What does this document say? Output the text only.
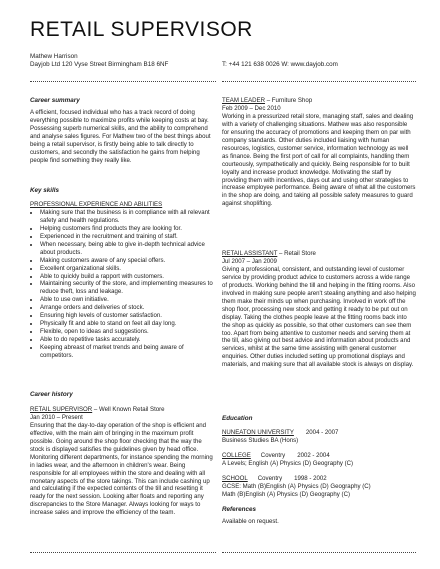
RETAIL SUPERVISOR
Mathew Harrison
Dayjob Ltd 120 Vyse Street Birmingham B18 6NF	T: +44 121 638 0026 W: www.dayjob.com

Career summary

A efficient, focused individual who has a track record of doing everything possible to maximize profits while keeping costs at bay. Possessing superb numerical skills, and the ability to comprehend and analyse sales figures. For Mathew two of the best things about being a retail supervisor, is firstly being able to talk directly to customers, and secondly the satisfaction he gains from helping people find something they really like.

Key skills

PROFESSIONAL EXPERIENCE AND ABILITIES

• Making sure that the business is in compliance with all relevant safety and health regulations.
• Helping customers find products they are looking for.
• Experienced in the recruitment and training of staff.
• When necessary, being able to give in-depth technical advice about products.
• Making customers aware of any special offers.
• Excellent organizational skills.
• Able to quickly build a rapport with customers.
• Maintaining security of the store, and implementing measures to reduce theft, loss and leakage.
• Able to use own initiative.
• Arrange orders and deliveries of stock.
• Ensuring high levels of customer satisfaction.
• Physically fit and able to stand on feet all day long.
• Flexible, open to ideas and suggestions.
• Able to do repetitive tasks accurately.
• Keeping abreast of market trends and being aware of competitors.

Career history

RETAIL SUPERVISOR – Well Known Retail Store

Jan 2010 – Present

Ensuring that the day-to-day operation of the shop is efficient and effective, with the main aim of bringing in the maximum profit possible. Going around the shop floor checking that the way the stock is displayed satisfies the guidelines given by head office. Monitoring different departments, for instance spending the morning in ladies wear, and the afternoon in children's wear. Being responsible for all employees within the store and dealing with all monetary aspects of the store takings. This can include cashing up and calculating if the expected contents of the till and resetting it ready for the next session. Looking after floats and reporting any discrepancies to the Store Manager. Always looking for ways to increase sales and improve the efficiency of the team.

TEAM LEADER – Furniture Shop

Feb 2009 – Dec 2010

Working in a pressurized retail store, managing staff, sales and dealing with a variety of challenging situations. Mathew was also responsible for ensuring the accuracy of promotions and keeping them on par with company standards. Other duties included liaising with human resources, logistics, customer service, information technology as well as finance. Being the first port of call for all complaints, handling them courteously, sympathetically and quickly. Being responsible for to built loyalty and increase product knowledge. Motivating the staff by providing them with incentives, days out and using other strategies to increase employee performance. Being aware of what all the customers in the shop are doing, and taking all possible safety measures to guard against shoplifting.

RETAIL ASSISTANT – Retail Store

Jul 2007 – Jan 2009

Giving a professional, consistent, and outstanding level of customer service by providing product advice to customers across a wide range of products. Working behind the till and helping in the fitting rooms. Also involved in making sure people aren't stealing anything and also helping them make their minds up when purchasing. Involved in work off the shop floor, processing new stock and getting it ready to be put out on display. Taking the clothes people leave at the fitting rooms back into the shop as quickly as possible, so that other customers can see them too. Apart from being attentive to customer needs and serving them at the till, also giving out best advice and information about products and services, whilst at the same time assisting with general customer enquiries. Other duties included setting up promotional displays and materials, and making sure that all available stock is always on display.

Education

NUNEATON UNIVERSITY 2004 - 2007

Business Studies BA (Hons)

COLLEGE Coventry 2002 - 2004

A Levels; English (A) Physics (D) Geography (C)

SCHOOL Coventry 1998 - 2002

GCSE: Math (B)English (A) Physics (D) Geography (C)

Math (B)English (A) Physics (D) Geography (C)

References

Available on request.
